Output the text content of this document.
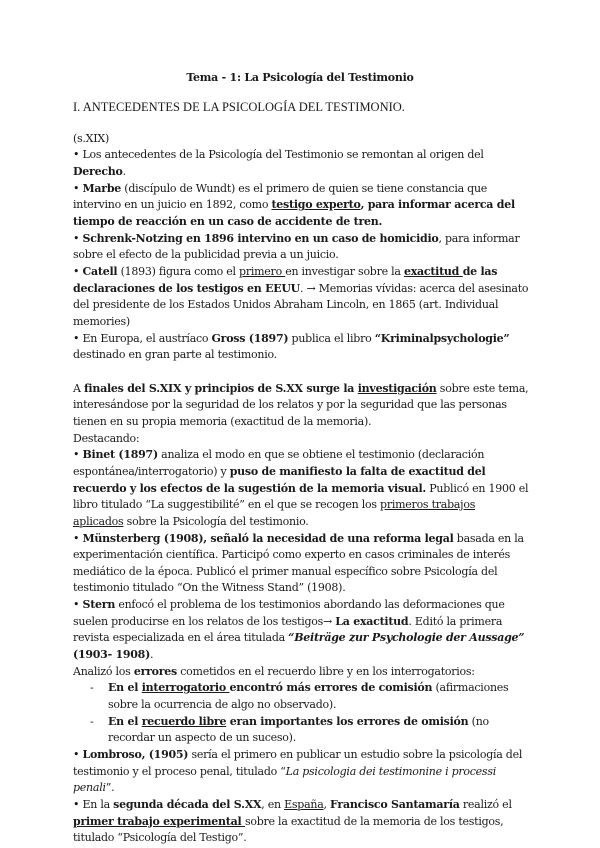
Tema - 1: La Psicología del Testimonio
I. ANTECEDENTES DE LA PSICOLOGÍA DEL TESTIMONIO.
(s.XIX)
• Los antecedentes de la Psicología del Testimonio se remontan al origen del
Derecho.
• Marbe (discípulo de Wundt) es el primero de quien se tiene constancia que
intervino en un juicio en 1892, como testigo experto, para informar acerca del
tiempo de reacción en un caso de accidente de tren.
• Schrenk-Notzing en 1896 intervino en un caso de homicidio, para informar
sobre el efecto de la publicidad previa a un juicio.
• Catell (1893) figura como el primero en investigar sobre la exactitud de las
declaraciones de los testigos en EEUU. → Memorias vívidas: acerca del asesinato
del presidente de los Estados Unidos Abraham Lincoln, en 1865 (art. Individual
memories)
• En Europa, el austríaco Gross (1897) publica el libro “Kriminalpsychologie”
destinado en gran parte al testimonio.
A finales del S.XIX y principios de S.XX surge la investigación sobre este tema,
interesándose por la seguridad de los relatos y por la seguridad que las personas
tienen en su propia memoria (exactitud de la memoria).
Destacando:
• Binet (1897) analiza el modo en que se obtiene el testimonio (declaración
espontánea/interrogatorio) y puso de manifiesto la falta de exactitud del
recuerdo y los efectos de la sugestión de la memoria visual. Publicó en 1900 el
libro titulado “La suggestibilité” en el que se recogen los primeros trabajos
aplicados sobre la Psicología del testimonio.
• Münsterberg (1908), señaló la necesidad de una reforma legal basada en la
experimentación científica. Participó como experto en casos criminales de interés
mediático de la época. Publicó el primer manual específico sobre Psicología del
testimonio titulado “On the Witness Stand” (1908).
• Stern enfocó el problema de los testimonios abordando las deformaciones que
suelen producirse en los relatos de los testigos→ La exactitud. Editó la primera
revista especializada en el área titulada “Beiträge zur Psychologie der Aussage”
(1903- 1908).
Analizó los errores cometidos en el recuerdo libre y en los interrogatorios:
- En el interrogatorio encontró más errores de comisión (afirmaciones
sobre la ocurrencia de algo no observado).
- En el recuerdo libre eran importantes los errores de omisión (no
recordar un aspecto de un suceso).
• Lombroso, (1905) sería el primero en publicar un estudio sobre la psicología del
testimonio y el proceso penal, titulado “La psicologia dei testimonine i processi
penali”.
• En la segunda década del S.XX, en España, Francisco Santamaría realizó el
primer trabajo experimental sobre la exactitud de la memoria de los testigos,
titulado “Psicología del Testigo”.
